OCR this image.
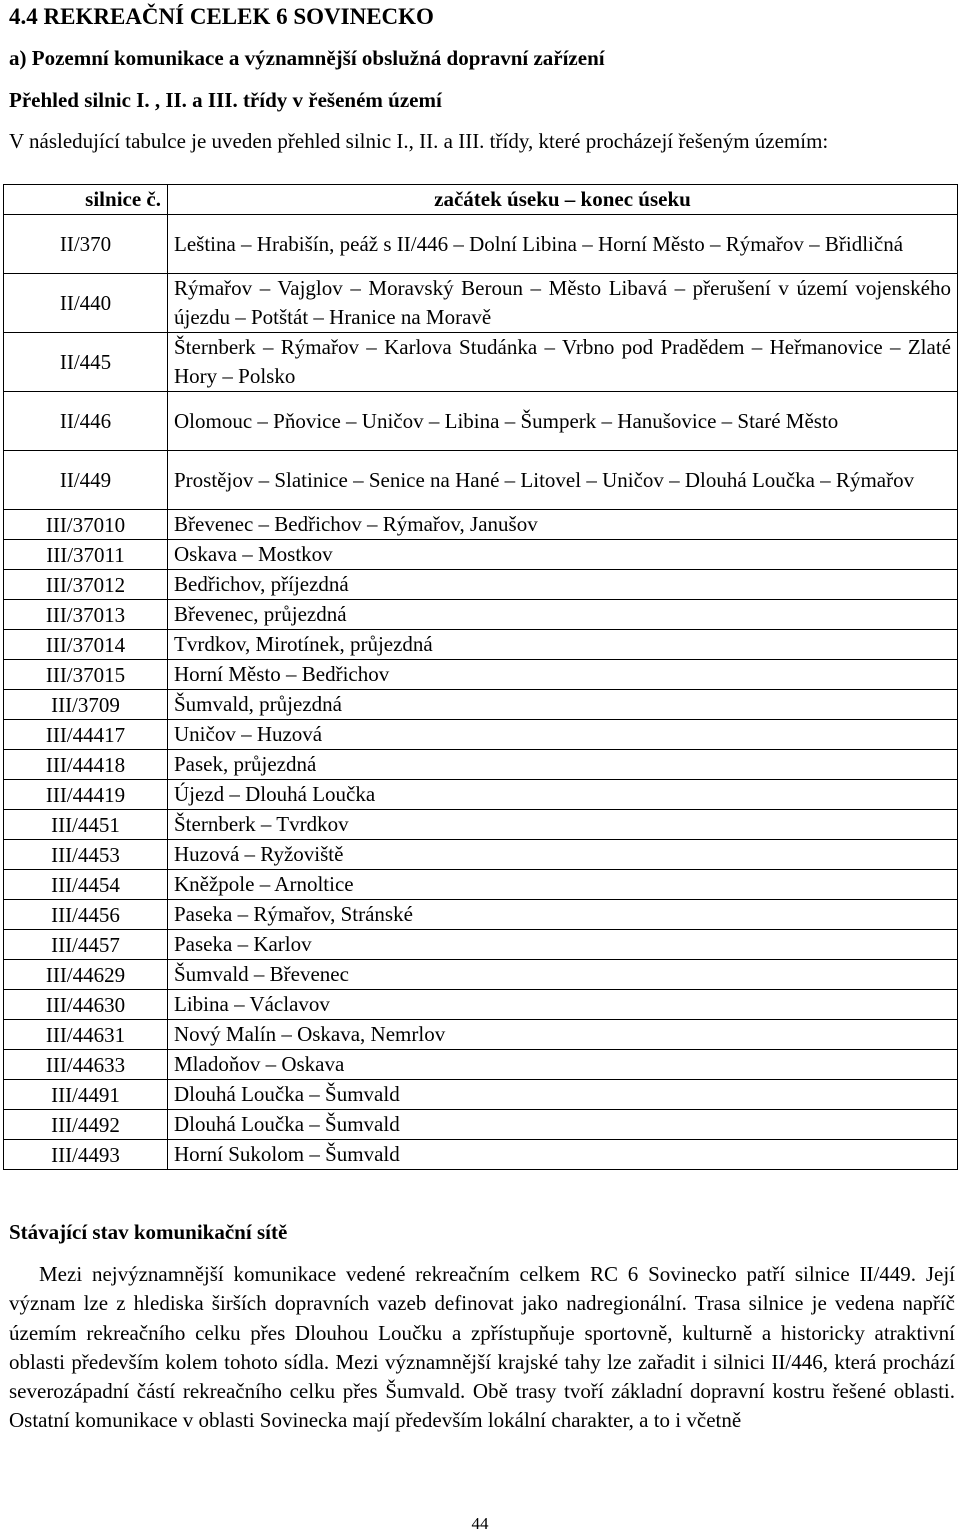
4.4 REKREAČNÍ CELEK 6 SOVINECKO
a) Pozemní komunikace a významnější obslužná dopravní zařízení
Přehled silnic I. , II. a III. třídy v řešeném území
V následující tabulce je uveden přehled silnic I., II. a III. třídy, které procházejí řešeným územím:
silnice č.	začátek úseku – konec úseku
II/370	Leština – Hrabišín, peáž s II/446 – Dolní Libina – Horní Město – Rýmařov – Břidličná
II/440	Rýmařov – Vajglov – Moravský Beroun – Město Libavá – přerušení v území vojenského újezdu – Potštát – Hranice na Moravě
II/445	Šternberk – Rýmařov – Karlova Studánka – Vrbno pod Pradědem – Heřmanovice – Zlaté Hory – Polsko
II/446	Olomouc – Pňovice – Uničov – Libina – Šumperk – Hanušovice – Staré Město
II/449	Prostějov – Slatinice – Senice na Hané – Litovel – Uničov – Dlouhá Loučka – Rýmařov
III/37010	Břevenec – Bedřichov – Rýmařov, Janušov
III/37011	Oskava – Mostkov
III/37012	Bedřichov, příjezdná
III/37013	Břevenec, průjezdná
III/37014	Tvrdkov, Mirotínek, průjezdná
III/37015	Horní Město – Bedřichov
III/3709	Šumvald, průjezdná
III/44417	Uničov – Huzová
III/44418	Pasek, průjezdná
III/44419	Újezd – Dlouhá Loučka
III/4451	Šternberk – Tvrdkov
III/4453	Huzová – Ryžoviště
III/4454	Kněžpole – Arnoltice
III/4456	Paseka – Rýmařov, Stránské
III/4457	Paseka – Karlov
III/44629	Šumvald – Břevenec
III/44630	Libina – Václavov
III/44631	Nový Malín – Oskava, Nemrlov
III/44633	Mladoňov – Oskava
III/4491	Dlouhá Loučka – Šumvald
III/4492	Dlouhá Loučka – Šumvald
III/4493	Horní Sukolom – Šumvald
Stávající stav komunikační sítě
Mezi nejvýznamnější komunikace vedené rekreačním celkem RC 6 Sovinecko patří silnice II/449. Její význam lze z hlediska širších dopravních vazeb definovat jako nadregionální. Trasa silnice je vedena napříč územím rekreačního celku přes Dlouhou Loučku a zpřístupňuje sportovně, kulturně a historicky atraktivní oblasti především kolem tohoto sídla. Mezi významnější krajské tahy lze zařadit i silnici II/446, která prochází severozápadní částí rekreačního celku přes Šumvald. Obě trasy tvoří základní dopravní kostru řešené oblasti. Ostatní komunikace v oblasti Sovinecka mají především lokální charakter, a to i včetně
44
